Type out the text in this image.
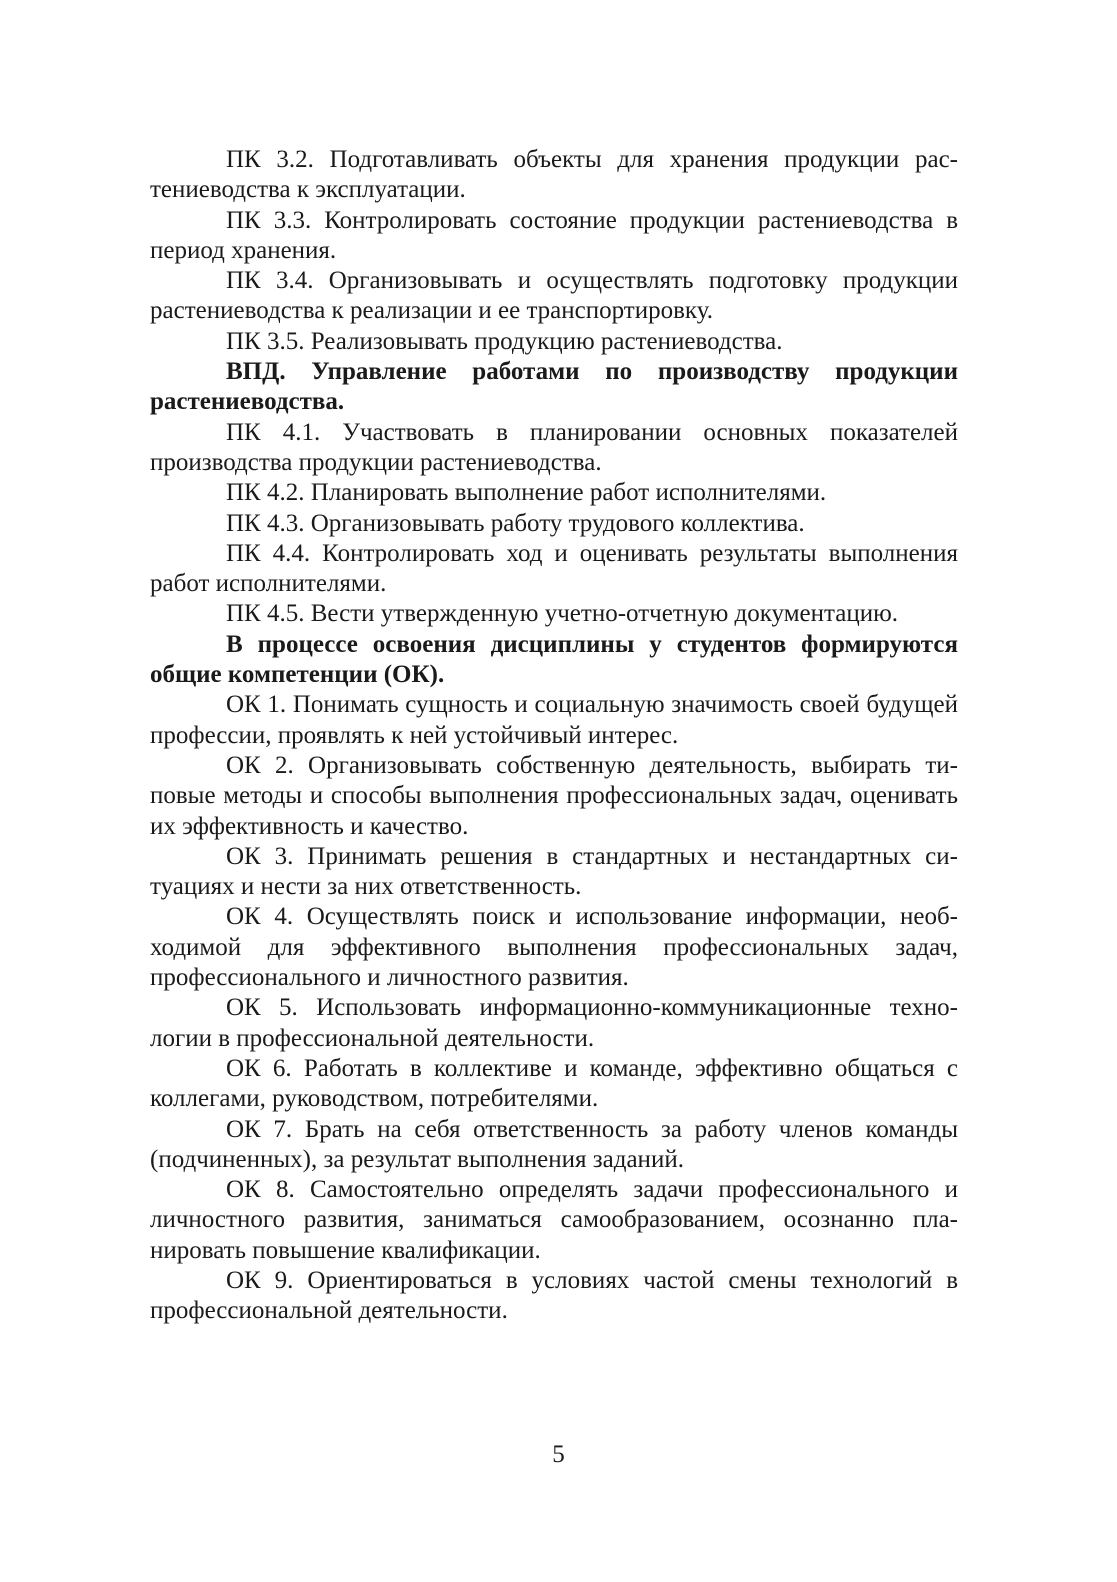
ПК 3.2. Подготавливать объекты для хранения продукции растениеводства к эксплуатации.

ПК 3.3. Контролировать состояние продукции растениеводства в период хранения.

ПК 3.4. Организовывать и осуществлять подготовку продукции растениеводства к реализации и ее транспортировку.

ПК 3.5. Реализовывать продукцию растениеводства.

ВПД. Управление работами по производству продукции растениеводства.

ПК 4.1. Участвовать в планировании основных показателей производства продукции растениеводства.

ПК 4.2. Планировать выполнение работ исполнителями.

ПК 4.3. Организовывать работу трудового коллектива.

ПК 4.4. Контролировать ход и оценивать результаты выполнения работ исполнителями.

ПК 4.5. Вести утвержденную учетно-отчетную документацию.

В процессе освоения дисциплины у студентов формируются общие компетенции (ОК).

ОК 1. Понимать сущность и социальную значимость своей будущей профессии, проявлять к ней устойчивый интерес.

ОК 2. Организовывать собственную деятельность, выбирать типовые методы и способы выполнения профессиональных задач, оценивать их эффективность и качество.

ОК 3. Принимать решения в стандартных и нестандартных ситуациях и нести за них ответственность.

ОК 4. Осуществлять поиск и использование информации, необходимой для эффективного выполнения профессиональных задач, профессионального и личностного развития.

ОК 5. Использовать информационно-коммуникационные технологии в профессиональной деятельности.

ОК 6. Работать в коллективе и команде, эффективно общаться с коллегами, руководством, потребителями.

ОК 7. Брать на себя ответственность за работу членов команды (подчиненных), за результат выполнения заданий.

ОК 8. Самостоятельно определять задачи профессионального и личностного развития, заниматься самообразованием, осознанно планировать повышение квалификации.

ОК 9. Ориентироваться в условиях частой смены технологий в профессиональной деятельности.

5
